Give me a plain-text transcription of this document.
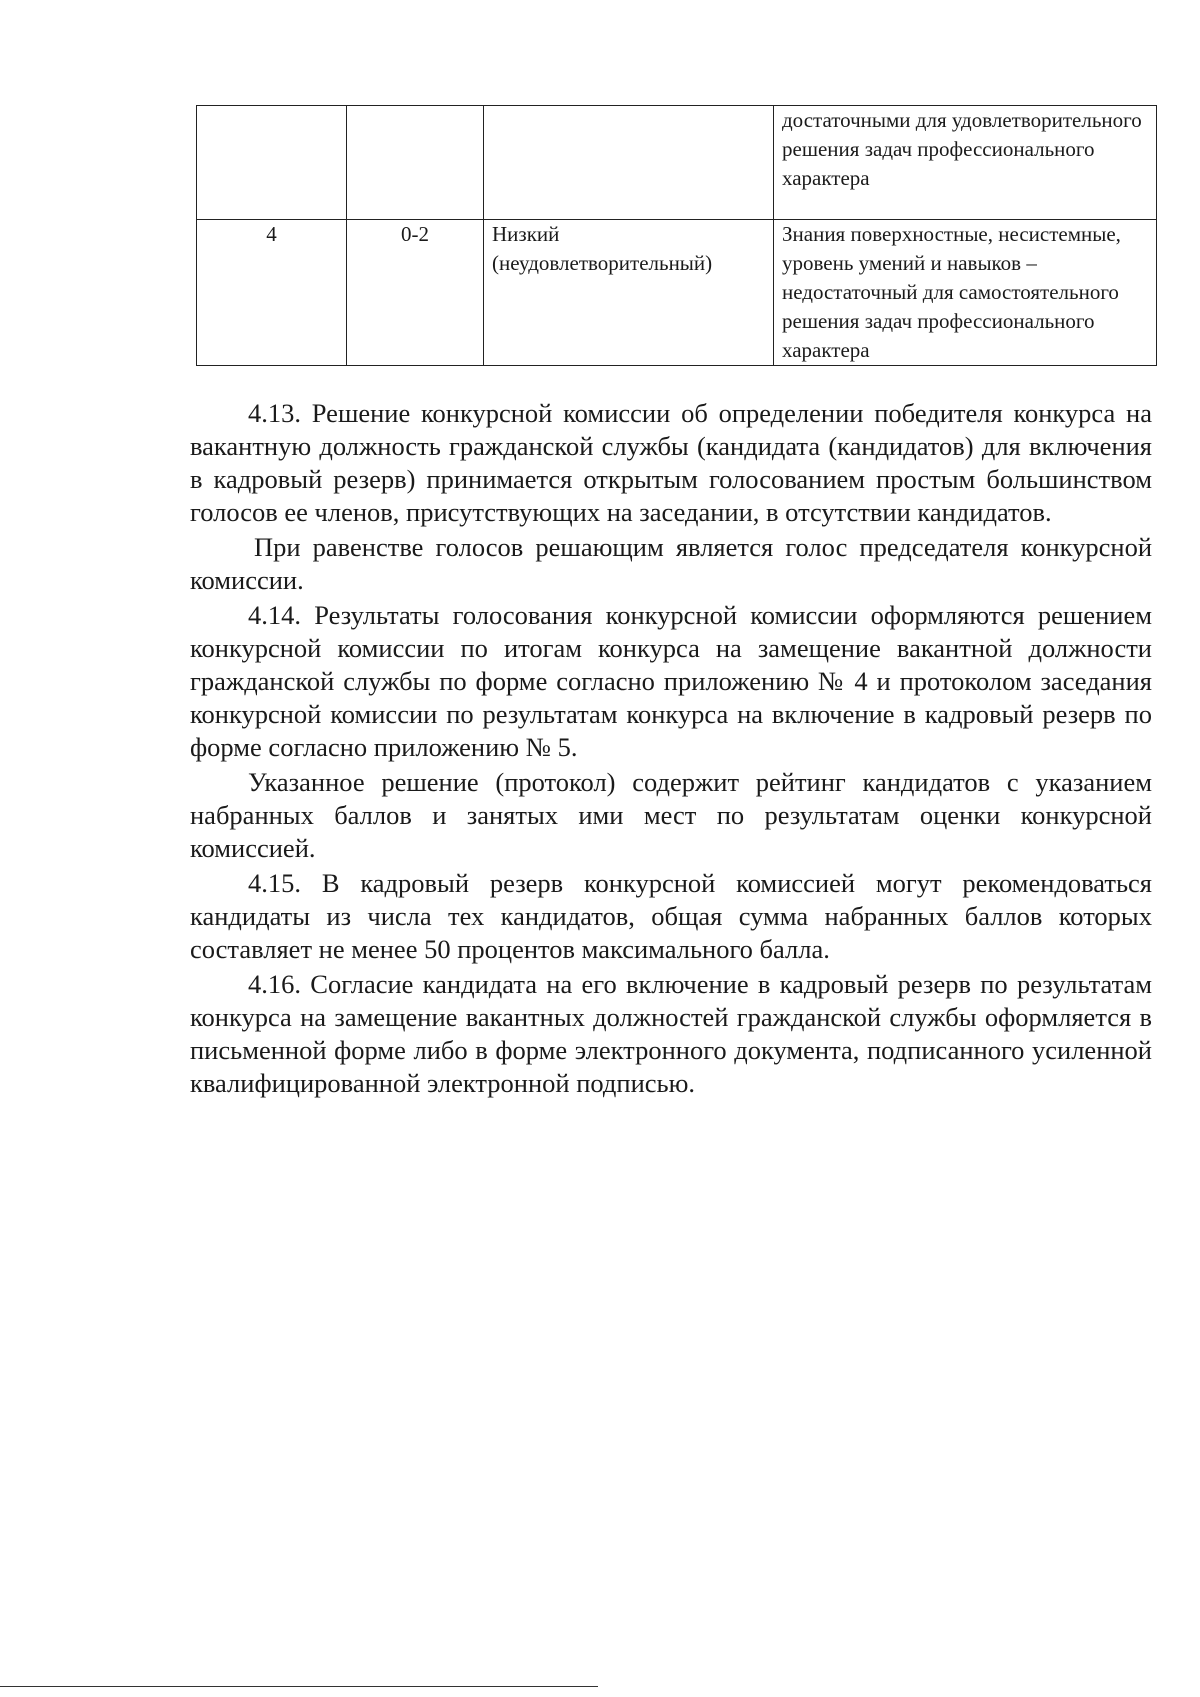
			достаточными для удовлетворительного решения задач профессионального характера
4	0-2	Низкий (неудовлетворительный)	Знания поверхностные, несистемные, уровень умений и навыков – недостаточный для самостоятельного решения задач профессионального характера

4.13. Решение конкурсной комиссии об определении победителя конкурса на вакантную должность гражданской службы (кандидата (кандидатов) для включения в кадровый резерв) принимается открытым голосованием простым большинством голосов ее членов, присутствующих на заседании, в отсутствии кандидатов.

При равенстве голосов решающим является голос председателя конкурсной комиссии.

4.14. Результаты голосования конкурсной комиссии оформляются решением конкурсной комиссии по итогам конкурса на замещение вакантной должности гражданской службы по форме согласно приложению № 4 и протоколом заседания конкурсной комиссии по результатам конкурса на включение в кадровый резерв по форме согласно приложению № 5.

Указанное решение (протокол) содержит рейтинг кандидатов с указанием набранных баллов и занятых ими мест по результатам оценки конкурсной комиссией.

4.15. В кадровый резерв конкурсной комиссией могут рекомендоваться кандидаты из числа тех кандидатов, общая сумма набранных баллов которых составляет не менее 50 процентов максимального балла.

4.16. Согласие кандидата на его включение в кадровый резерв по результатам конкурса на замещение вакантных должностей гражданской службы оформляется в письменной форме либо в форме электронного документа, подписанного усиленной квалифицированной электронной подписью.
